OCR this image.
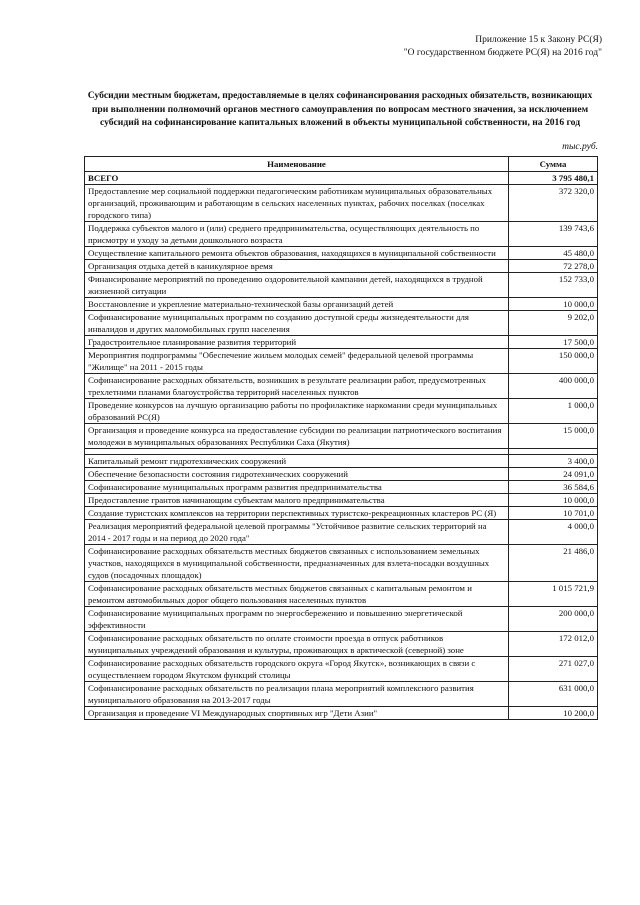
Приложение 15 к Закону РС(Я)
"О государственном бюджете РС(Я) на 2016 год"
Субсидии местным бюджетам, предоставляемые в целях софинансирования расходных обязательств, возникающих при выполнении полномочий органов местного самоуправления по вопросам местного значения, за исключением субсидий на софинансирование капитальных вложений в объекты муниципальной собственности, на 2016 год
тыс.руб.
Наименование	Сумма
ВСЕГО	3 795 480,1
Предоставление мер социальной поддержки педагогическим работникам муниципальных образовательных организаций, проживающим и работающим в сельских населенных пунктах, рабочих поселках (поселках городского типа)	372 320,0
Поддержка субъектов малого и (или) среднего предпринимательства, осуществляющих деятельность по присмотру и уходу за детьми дошкольного возраста	139 743,6
Осуществление капитального ремонта объектов образования, находящихся в муниципальной собственности	45 480,0
Организация отдыха детей в каникулярное время	72 278,0
Финансирование мероприятий по проведению оздоровительной кампании детей, находящихся в трудной жизненной ситуации	152 733,0
Восстановление и укрепление материально-технической базы организаций детей	10 000,0
Софинансирование муниципальных программ по созданию доступной среды жизнедеятельности для инвалидов и других маломобильных групп населения	9 202,0
Градостроительное планирование развития территорий	17 500,0
Мероприятия подпрограммы "Обеспечение жильем молодых семей" федеральной целевой программы "Жилище" на 2011 - 2015 годы	150 000,0
Софинансирование расходных обязательств, возникших в результате реализации работ, предусмотренных трехлетними планами благоустройства территорий населенных пунктов	400 000,0
Проведение конкурсов на лучшую организацию работы по профилактике наркомании среди муниципальных образований РС(Я)	1 000,0
Организация и проведение конкурса на предоставление субсидии по реализации патриотического воспитания молодежи в муниципальных образованиях Республики Саха (Якутия)	15 000,0

Капитальный ремонт гидротехнических сооружений	3 400,0
Обеспечение безопасности состояния гидротехнических сооружений	24 091,0
Софинансирование муниципальных программ развития предпринимательства	36 584,6
Предоставление грантов начинающим субъектам малого предпринимательства	10 000,0
Создание туристских комплексов на территории перспективных туристско-рекреационных кластеров РС (Я)	10 701,0
Реализация мероприятий федеральной целевой программы "Устойчивое развитие сельских территорий на 2014 - 2017 годы и на период до 2020 года"	4 000,0
Софинансирование расходных обязательств местных бюджетов связанных с использованием земельных участков, находящихся в муниципальной собственности, предназначенных для взлета-посадки воздушных судов (посадочных площадок)	21 486,0
Софинансирование расходных обязательств местных бюджетов связанных с капитальным ремонтом и ремонтом автомобильных дорог общего пользования населенных пунктов	1 015 721,9
Софинансирование муниципальных программ по энергосбережению и повышению энергетической эффективности	200 000,0
Софинансирование расходных обязательств по оплате стоимости проезда в отпуск работников муниципальных учреждений образования и культуры, проживающих в арктической (северной) зоне	172 012,0
Софинансирование расходных обязательств городского округа «Город Якутск», возникающих в связи с осуществлением городом Якутском функций столицы	271 027,0
Софинансирование расходных обязательств по реализации плана мероприятий комплексного развития муниципального образования на 2013-2017 годы	631 000,0
Организация и проведение VI Международных спортивных игр "Дети Азии"	10 200,0
